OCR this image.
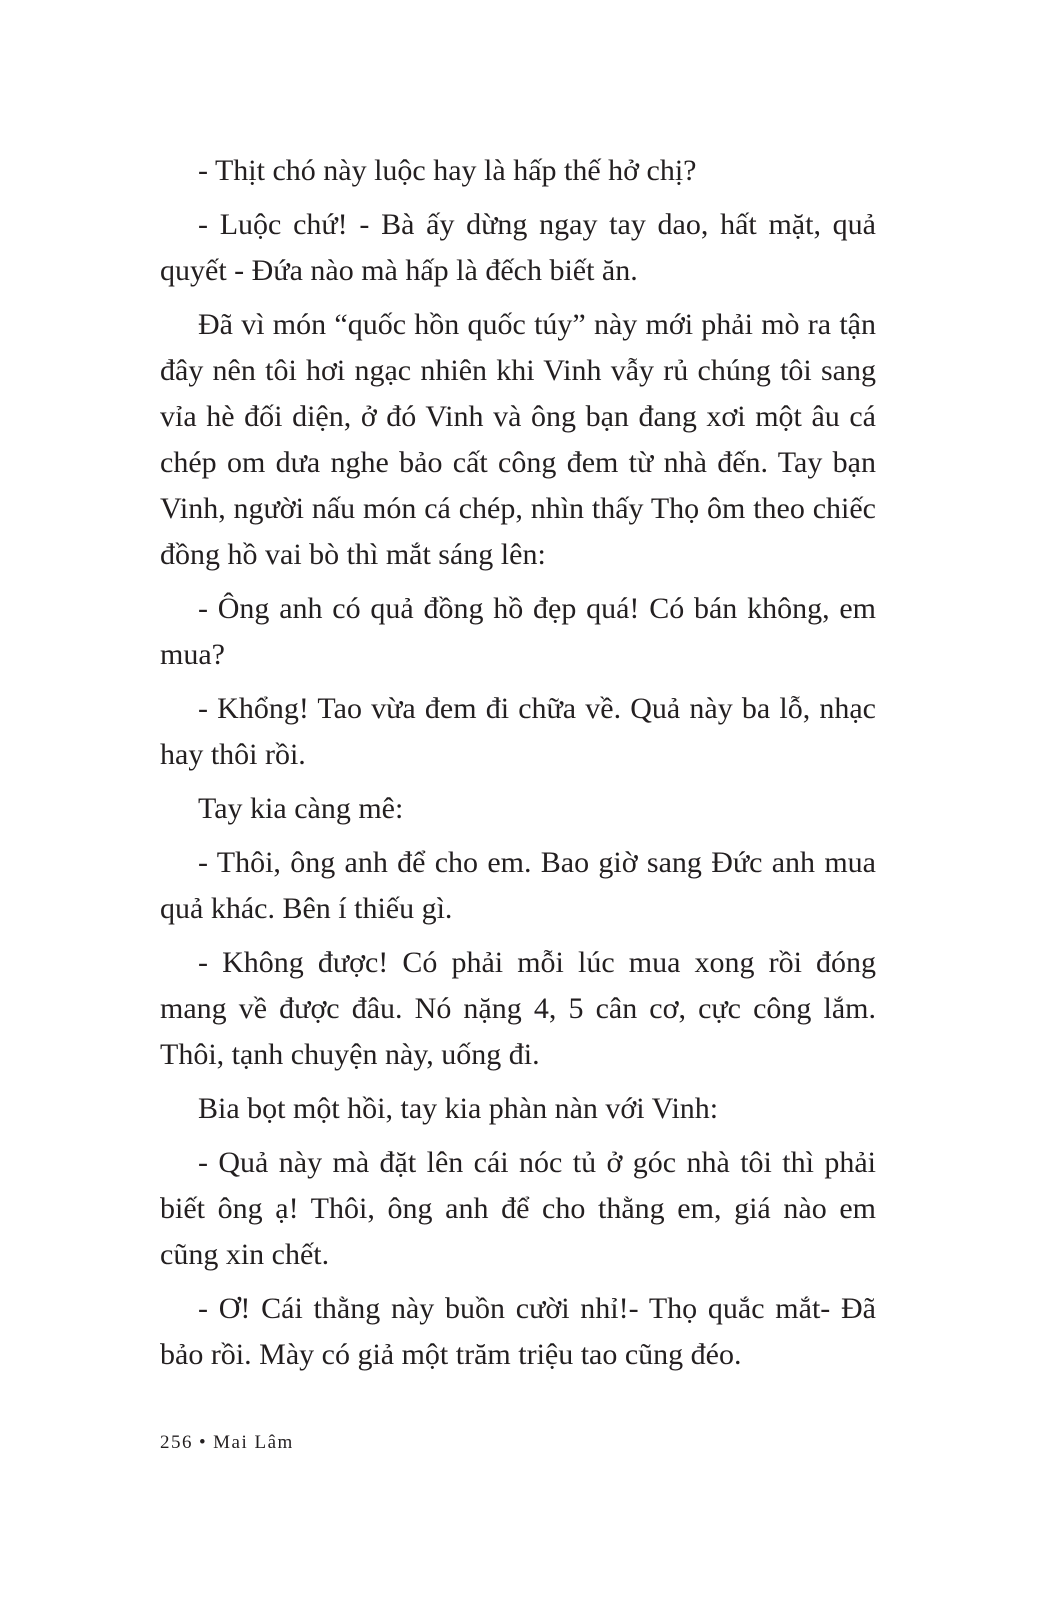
- Thịt chó này luộc hay là hấp thế hở chị?

- Luộc chứ! - Bà ấy dừng ngay tay dao, hất mặt, quả quyết - Đứa nào mà hấp là đếch biết ăn.

Đã vì món “quốc hồn quốc túy” này mới phải mò ra tận đây nên tôi hơi ngạc nhiên khi Vinh vẫy rủ chúng tôi sang vỉa hè đối diện, ở đó Vinh và ông bạn đang xơi một âu cá chép om dưa nghe bảo cất công đem từ nhà đến. Tay bạn Vinh, người nấu món cá chép, nhìn thấy Thọ ôm theo chiếc đồng hồ vai bò thì mắt sáng lên:

- Ông anh có quả đồng hồ đẹp quá! Có bán không, em mua?

- Khổng! Tao vừa đem đi chữa về. Quả này ba lỗ, nhạc hay thôi rồi.

Tay kia càng mê:

- Thôi, ông anh để cho em. Bao giờ sang Đức anh mua quả khác. Bên í thiếu gì.

- Không được! Có phải mỗi lúc mua xong rồi đóng mang về được đâu. Nó nặng 4, 5 cân cơ, cực công lắm. Thôi, tạnh chuyện này, uống đi.

Bia bọt một hồi, tay kia phàn nàn với Vinh:

- Quả này mà đặt lên cái nóc tủ ở góc nhà tôi thì phải biết ông ạ! Thôi, ông anh để cho thằng em, giá nào em cũng xin chết.

- Ơ! Cái thằng này buồn cười nhỉ!- Thọ quắc mắt- Đã bảo rồi. Mày có giả một trăm triệu tao cũng đéo.

256 • Mai Lâm
